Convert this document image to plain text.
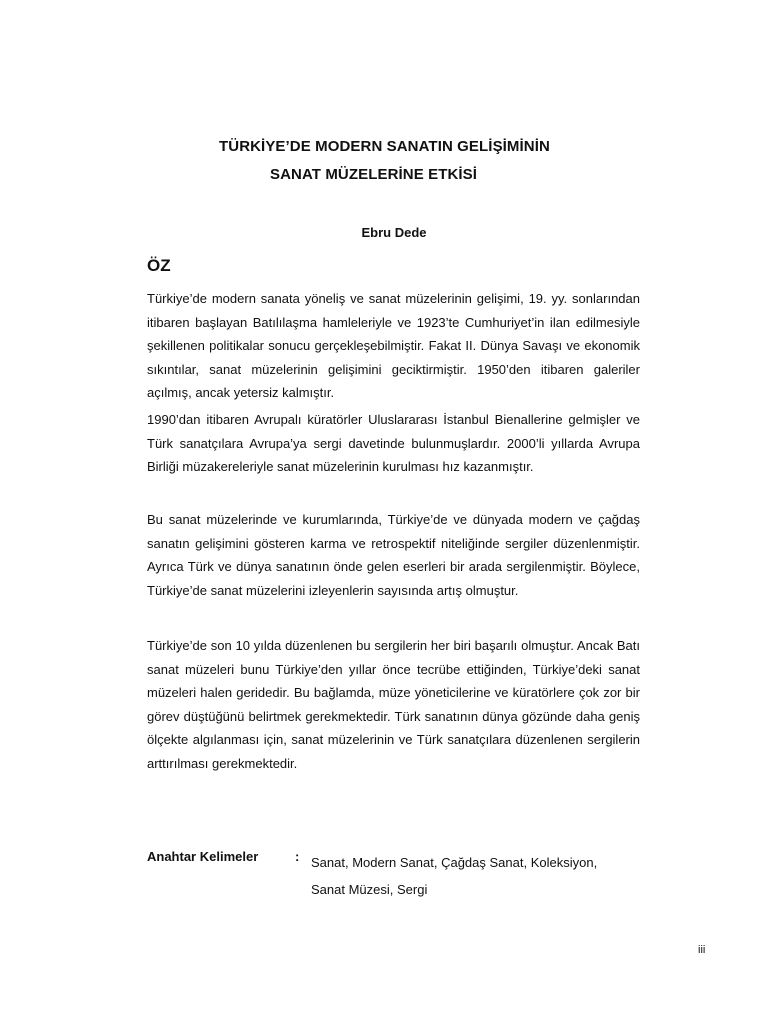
TÜRKİYE’DE MODERN SANATIN GELİŞİMİNİN
SANAT MÜZELERİNE ETKİSİ
Ebru Dede
ÖZ

Türkiye’de modern sanata yöneliş ve sanat müzelerinin gelişimi, 19. yy. sonlarından itibaren başlayan Batılılaşma hamleleriyle ve 1923’te Cumhuriyet’in ilan edilmesiyle şekillenen politikalar sonucu gerçekleşebilmiştir. Fakat II. Dünya Savaşı ve ekonomik sıkıntılar, sanat müzelerinin gelişimini geciktirmiştir. 1950’den itibaren galeriler açılmış, ancak yetersiz kalmıştır.

1990’dan itibaren Avrupalı küratörler Uluslararası İstanbul Bienallerine gelmişler ve Türk sanatçılara Avrupa’ya sergi davetinde bulunmuşlardır. 2000’li yıllarda Avrupa Birliği müzakereleriyle sanat müzelerinin kurulması hız kazanmıştır.

Bu sanat müzelerinde ve kurumlarında, Türkiye’de ve dünyada modern ve çağdaş sanatın gelişimini gösteren karma ve retrospektif niteliğinde sergiler düzenlenmiştir. Ayrıca Türk ve dünya sanatının önde gelen eserleri bir arada sergilenmiştir. Böylece, Türkiye’de sanat müzelerini izleyenlerin sayısında artış olmuştur.

Türkiye’de son 10 yılda düzenlenen bu sergilerin her biri başarılı olmuştur. Ancak Batı sanat müzeleri bunu Türkiye’den yıllar önce tecrübe ettiğinden, Türkiye’deki sanat müzeleri halen geridedir. Bu bağlamda, müze yöneticilerine ve küratörlere çok zor bir görev düştüğünü belirtmek gerekmektedir. Türk sanatının dünya gözünde daha geniş ölçekte algılanması için, sanat müzelerinin ve Türk sanatçılara düzenlenen sergilerin arttırılması gerekmektedir.

Anahtar Kelimeler	: Sanat, Modern Sanat, Çağdaş Sanat, Koleksiyon,
Sanat Müzesi, Sergi
iii
